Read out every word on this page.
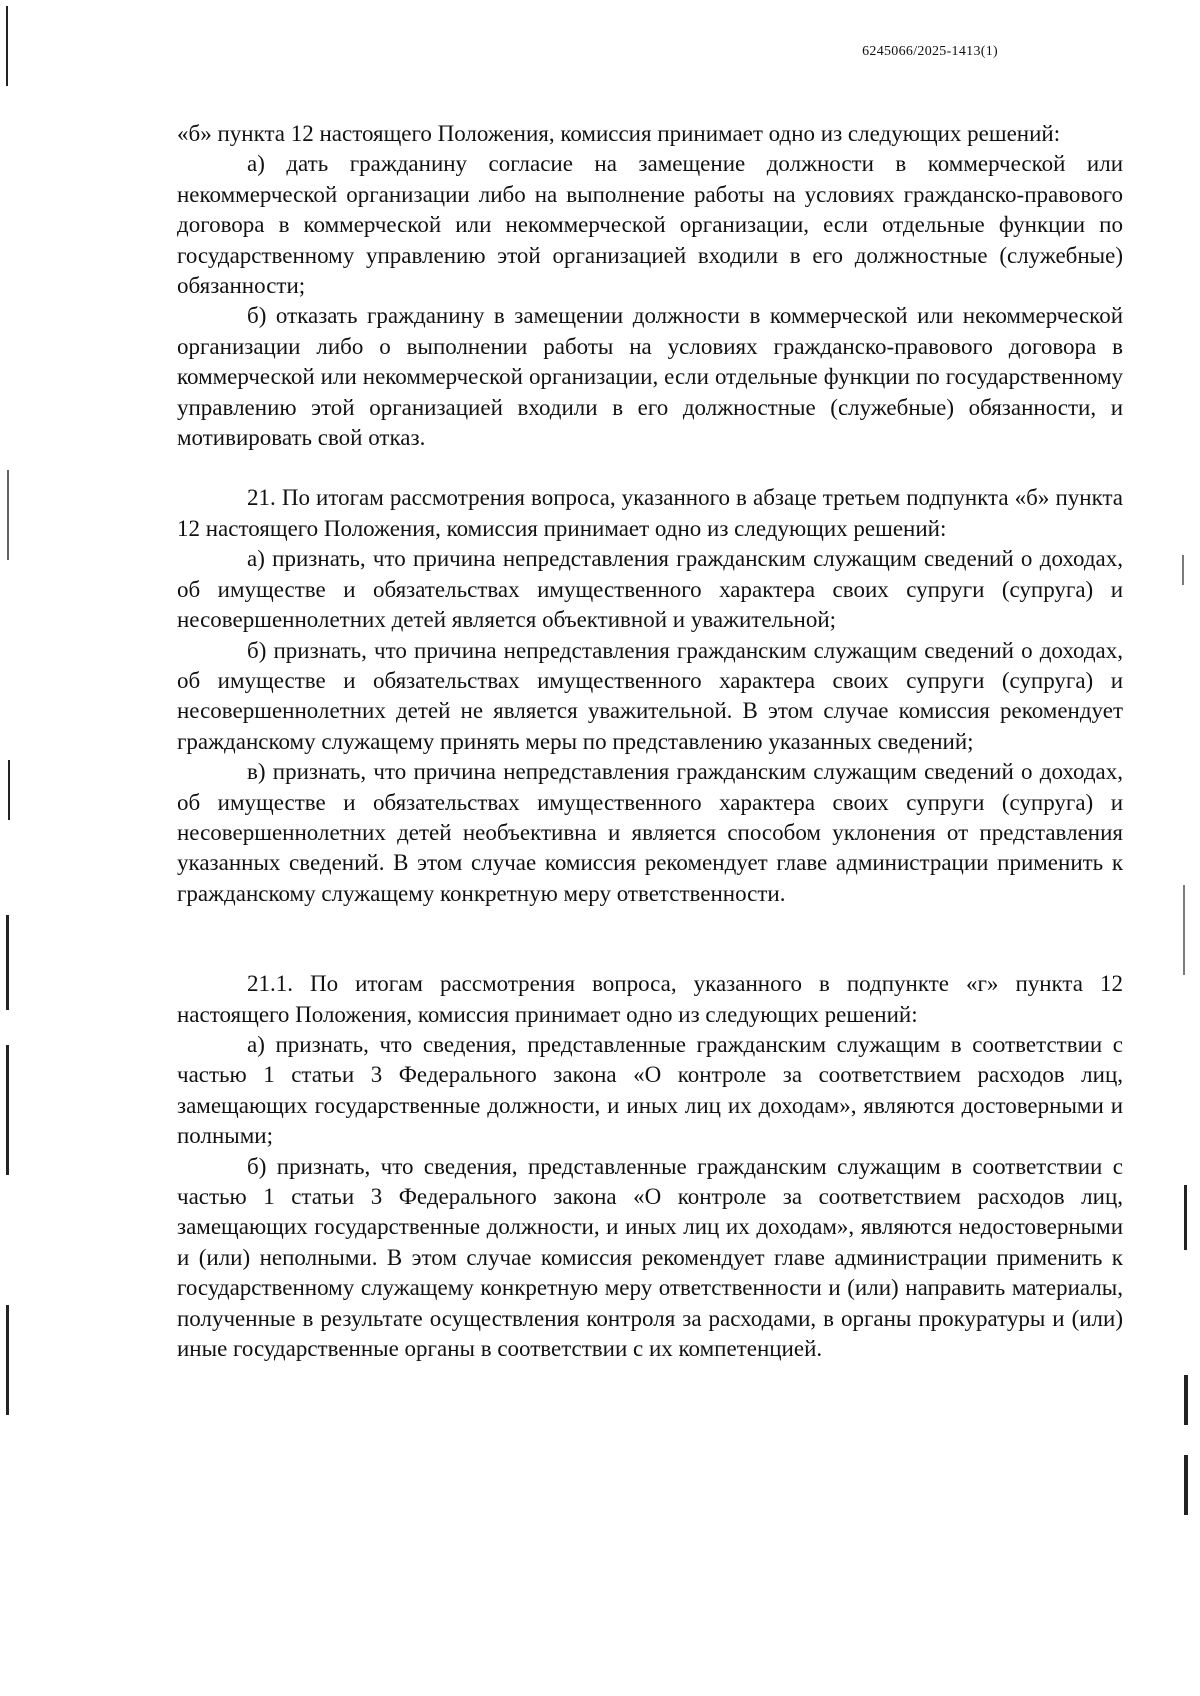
6245066/2025-1413(1)

«б» пункта 12 настоящего Положения, комиссия принимает одно из следующих решений:

а) дать гражданину согласие на замещение должности в коммерческой или некоммерческой организации либо на выполнение работы на условиях гражданско-правового договора в коммерческой или некоммерческой организации, если отдельные функции по государственному управлению этой организацией входили в его должностные (служебные) обязанности;

б) отказать гражданину в замещении должности в коммерческой или некоммерческой организации либо о выполнении работы на условиях гражданско-правового договора в коммерческой или некоммерческой организации, если отдельные функции по государственному управлению этой организацией входили в его должностные (служебные) обязанности, и мотивировать свой отказ.

21. По итогам рассмотрения вопроса, указанного в абзаце третьем подпункта «б» пункта 12 настоящего Положения, комиссия принимает одно из следующих решений:

а) признать, что причина непредставления гражданским служащим сведений о доходах, об имуществе и обязательствах имущественного характера своих супруги (супруга) и несовершеннолетних детей является объективной и уважительной;

б) признать, что причина непредставления гражданским служащим сведений о доходах, об имуществе и обязательствах имущественного характера своих супруги (супруга) и несовершеннолетних детей не является уважительной. В этом случае комиссия рекомендует гражданскому служащему принять меры по представлению указанных сведений;

в) признать, что причина непредставления гражданским служащим сведений о доходах, об имуществе и обязательствах имущественного характера своих супруги (супруга) и несовершеннолетних детей необъективна и является способом уклонения от представления указанных сведений. В этом случае комиссия рекомендует главе администрации применить к гражданскому служащему конкретную меру ответственности.

21.1. По итогам рассмотрения вопроса, указанного в подпункте «г» пункта 12 настоящего Положения, комиссия принимает одно из следующих решений:

а) признать, что сведения, представленные гражданским служащим в соответствии с частью 1 статьи 3 Федерального закона «О контроле за соответствием расходов лиц, замещающих государственные должности, и иных лиц их доходам», являются достоверными и полными;

б) признать, что сведения, представленные гражданским служащим в соответствии с частью 1 статьи 3 Федерального закона «О контроле за соответствием расходов лиц, замещающих государственные должности, и иных лиц их доходам», являются недостоверными и (или) неполными. В этом случае комиссия рекомендует главе администрации применить к государственному служащему конкретную меру ответственности и (или) направить материалы, полученные в результате осуществления контроля за расходами, в органы прокуратуры и (или) иные государственные органы в соответствии с их компетенцией.
